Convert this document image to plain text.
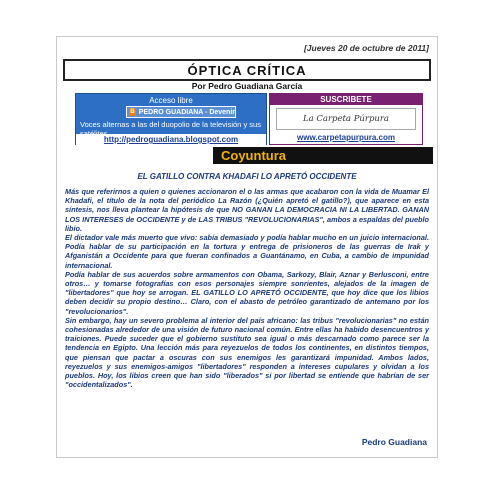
[Jueves 20 de octubre de 2011]
ÓPTICA CRÍTICA
Por Pedro Guadiana García
Acceso libre
B PEDRO GUADIANA - Devenir
Voces alternas a las del duopolio de la televisión y sus
http://pedroguadiana.blogspot.com
SUSCRIBETE
La Carpeta Púrpura
www.carpetapurpura.com
Coyuntura
EL GATILLO CONTRA KHADAFI LO APRETÓ OCCIDENTE

Más que referirnos a quien o quienes accionaron el o las armas que acabaron con la vida de Muamar El Khadafi, el título de la nota del periódico La Razón (¿Quién apretó el gatillo?), que aparece en esta síntesis, nos lleva plantear la hipótesis de que NO GANAN LA DEMOCRACIA NI LA LIBERTAD. GANAN LOS INTERESES de OCCIDENTE y de LAS TRIBUS "REVOLUCIONARIAS", ambos a espaldas del pueblo libio.

El dictador vale más muerto que vivo: sabía demasiado y podía hablar mucho en un juicio internacional. Podía hablar de su participación en la tortura y entrega de prisioneros de las guerras de Irak y Afganistán a Occidente para que fueran confinados a Guantánamo, en Cuba, a cambio de impunidad internacional.

Podía hablar de sus acuerdos sobre armamentos con Obama, Sarkozy, Blair, Aznar y Berlusconi, entre otros… y tomarse fotografías con esos personajes siempre sonrientes, alejados de la imagen de "libertadores" que hoy se arrogan. EL GATILLO LO APRETÓ OCCIDENTE, que hoy dice que los libios deben decidir su propio destino… Claro, con el abasto de petróleo garantizado de antemano por los "revolucionarios".

Sin embargo, hay un severo problema al interior del país africano: las tribus "revolucionarias" no están cohesionadas alrededor de una visión de futuro nacional común. Entre ellas ha habido desencuentros y traiciones. Puede suceder que el gobierno sustituto sea igual o más descarnado como parece ser la tendencia en Egipto. Una lección más para reyezuelos de todos los continentes, en distintos tiempos, que piensan que pactar a oscuras con sus enemigos les garantizará impunidad. Ambos lados, reyezuelos y sus enemigos-amigos "libertadores" responden a intereses cupulares y olvidan a los pueblos. Hoy, los libios creen que han sido "liberados" si por libertad se entiende que habrían de ser "occidentalizados".

Pedro Guadiana
